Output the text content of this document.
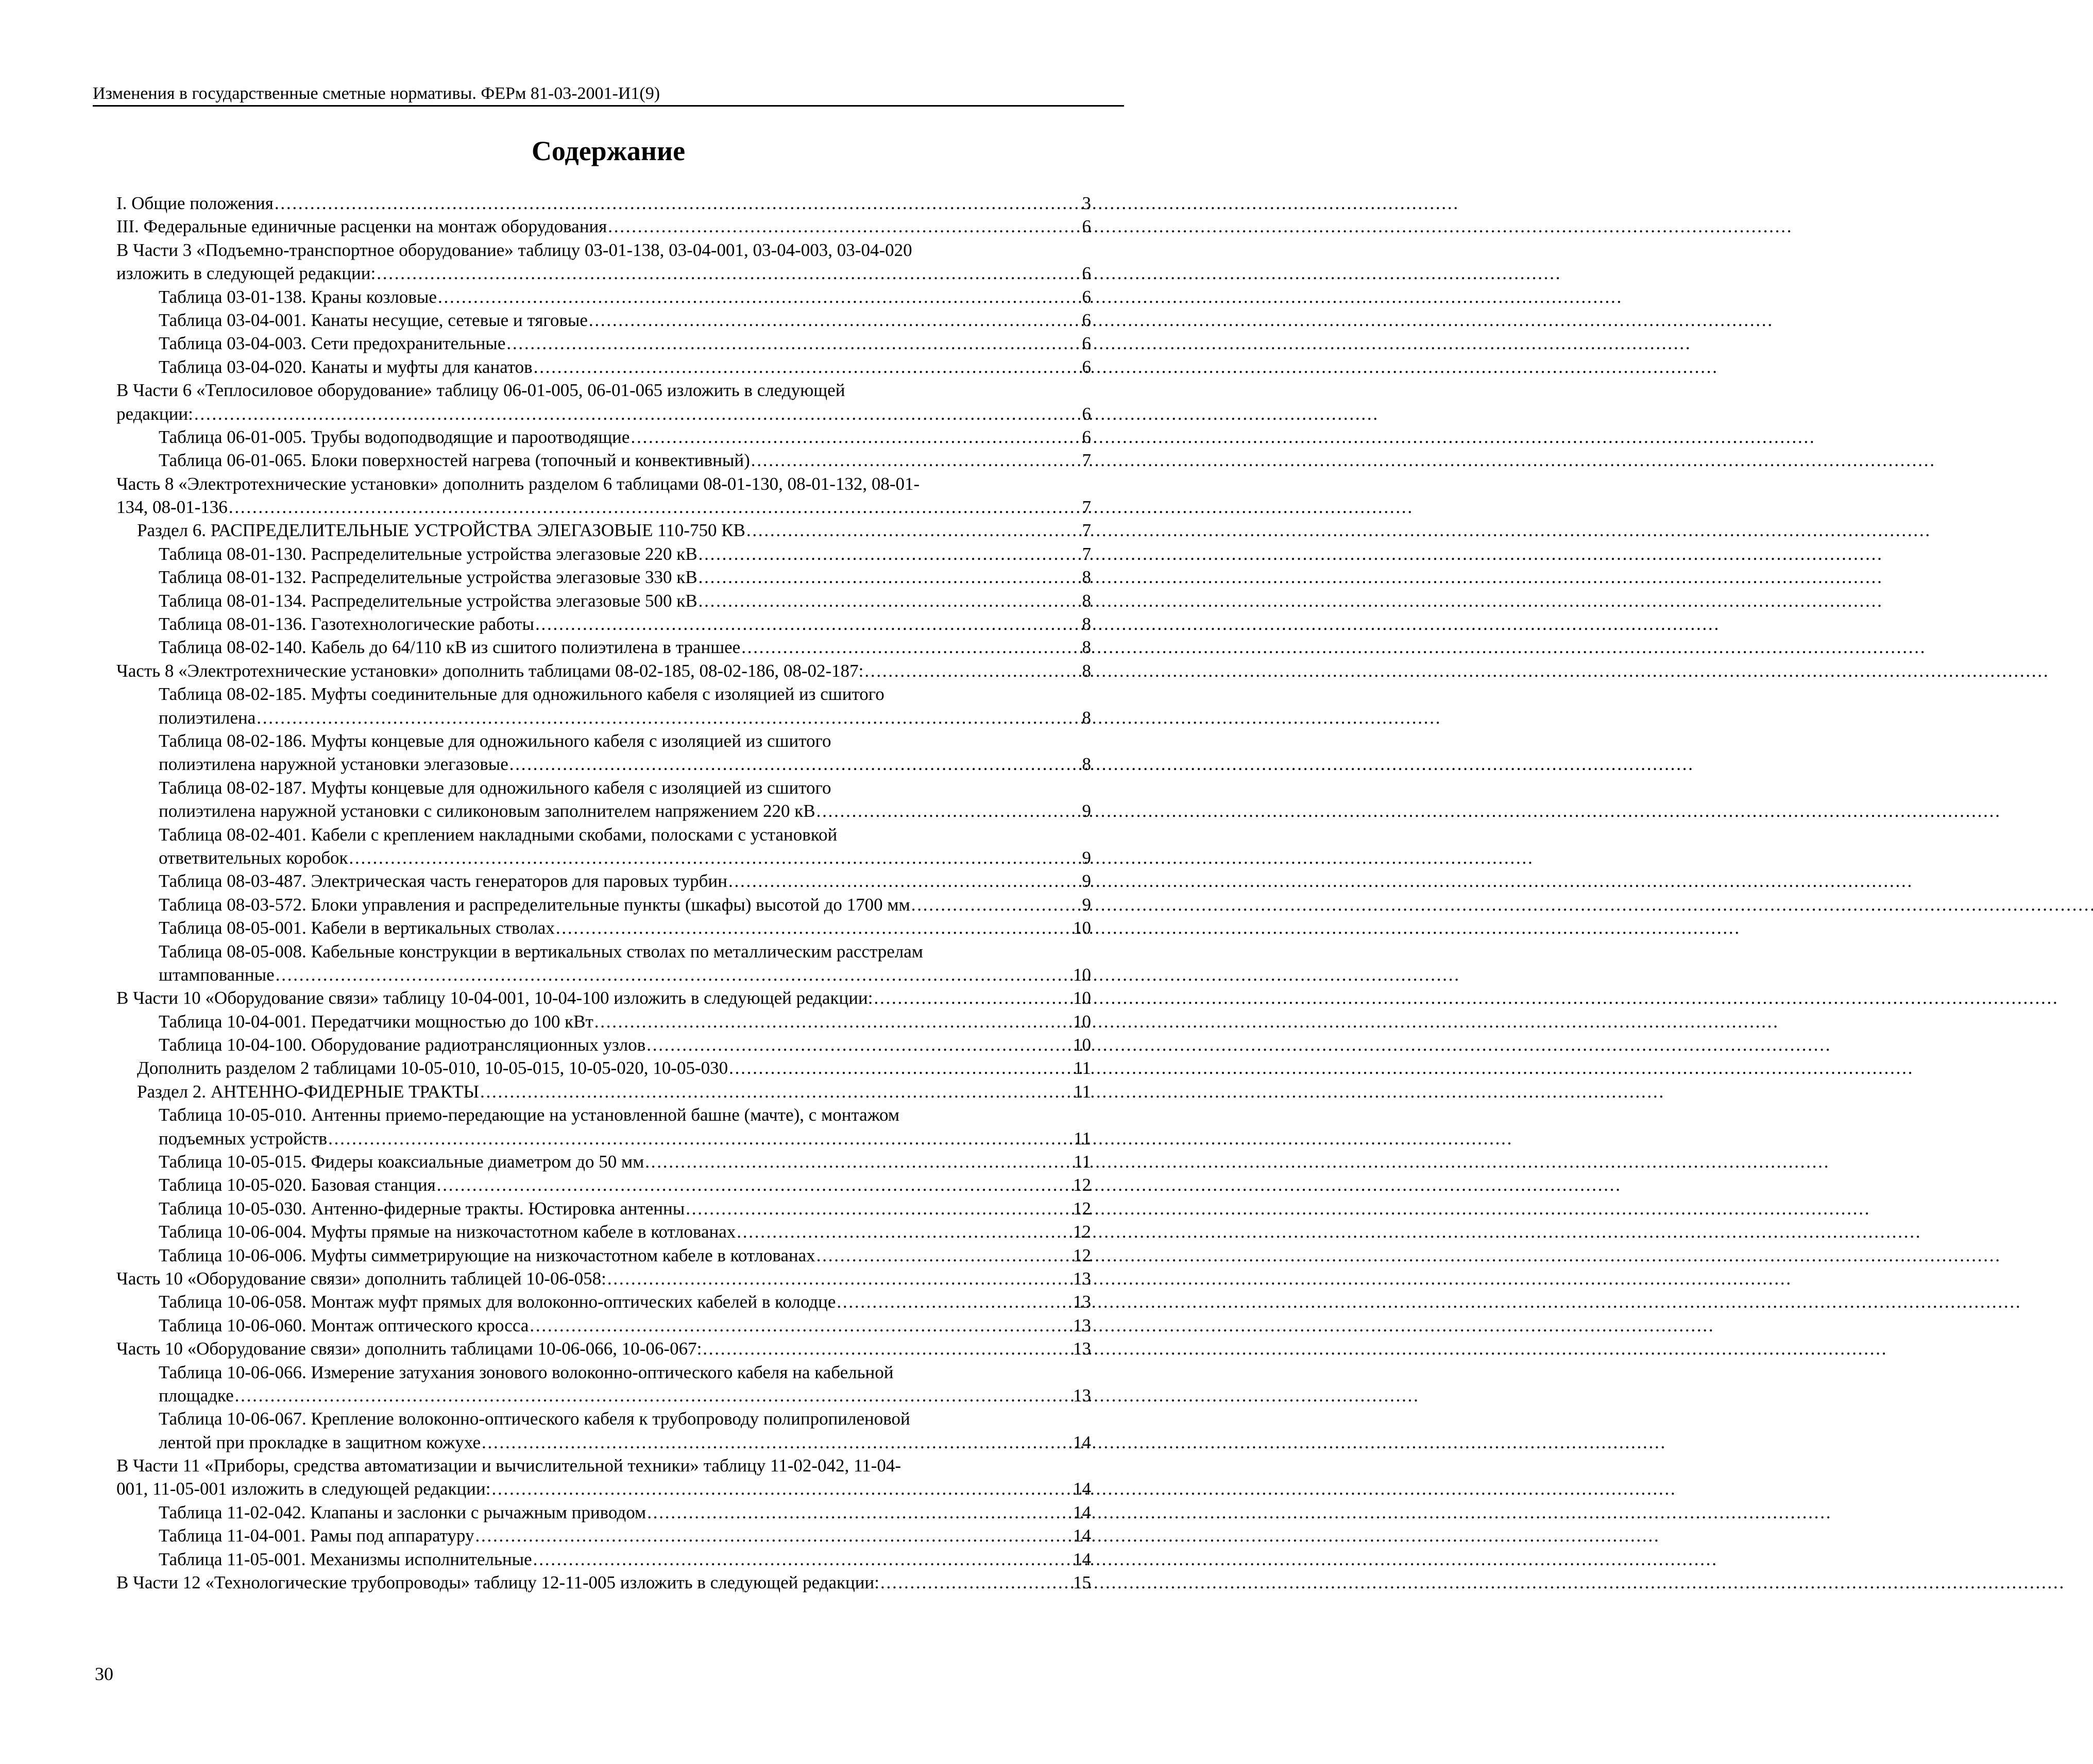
Изменения в государственные сметные нормативы. ФЕРм 81-03-2001-И1(9)
Содержание
I. Общие положения . . .	3
III. Федеральные единичные расценки на монтаж оборудования . . .	6
В Части 3 «Подъемно-транспортное оборудование» таблицу 03-01-138, 03-04-001, 03-04-003, 03-04-020
изложить в следующей редакции: . . .	6
Таблица 03-01-138. Краны козловые . . .	6
Таблица 03-04-001. Канаты несущие, сетевые и тяговые . . .	6
Таблица 03-04-003. Сети предохранительные . . .	6
Таблица 03-04-020. Канаты и муфты для канатов . . .	6
В Части 6 «Теплосиловое оборудование» таблицу 06-01-005, 06-01-065 изложить в следующей
редакции: . . .	6
Таблица 06-01-005. Трубы водоподводящие и пароотводящие . . .	6
Таблица 06-01-065. Блоки поверхностей нагрева (топочный и конвективный) . . .	7
Часть 8 «Электротехнические установки» дополнить разделом 6 таблицами 08-01-130, 08-01-132, 08-01-
134, 08-01-136 . . .	7
Раздел 6. РАСПРЕДЕЛИТЕЛЬНЫЕ УСТРОЙСТВА ЭЛЕГАЗОВЫЕ 110-750 КВ . . .	7
Таблица 08-01-130. Распределительные устройства элегазовые 220 кВ . . .	7
Таблица 08-01-132. Распределительные устройства элегазовые 330 кВ . . .	8
Таблица 08-01-134. Распределительные устройства элегазовые 500 кВ . . .	8
Таблица 08-01-136. Газотехнологические работы . . .	8
Таблица 08-02-140. Кабель до 64/110 кВ из сшитого полиэтилена в траншее . . .	8
Часть 8 «Электротехнические установки» дополнить таблицами 08-02-185, 08-02-186, 08-02-187: . . .	8
Таблица 08-02-185. Муфты соединительные для одножильного кабеля с изоляцией из сшитого
полиэтилена . . .	8
Таблица 08-02-186. Муфты концевые для одножильного кабеля с изоляцией из сшитого
полиэтилена наружной установки элегазовые . . .	8
Таблица 08-02-187. Муфты концевые для одножильного кабеля с изоляцией из сшитого
полиэтилена наружной установки с силиконовым заполнителем напряжением 220 кВ . . .	9
Таблица 08-02-401. Кабели с креплением накладными скобами, полосками с установкой
ответвительных коробок . . .	9
Таблица 08-03-487. Электрическая часть генераторов для паровых турбин . . .	9
Таблица 08-03-572. Блоки управления и распределительные пункты (шкафы) высотой до 1700 мм . . .	9
Таблица 08-05-001. Кабели в вертикальных стволах . . .	10
Таблица 08-05-008. Кабельные конструкции в вертикальных стволах по металлическим расстрелам
штампованные . . .	10
В Части 10 «Оборудование связи» таблицу 10-04-001, 10-04-100 изложить в следующей редакции: . . .	10
Таблица 10-04-001. Передатчики мощностью до 100 кВт . . .	10
Таблица 10-04-100. Оборудование радиотрансляционных узлов . . .	10
Дополнить разделом 2 таблицами 10-05-010, 10-05-015, 10-05-020, 10-05-030 . . .	11
Раздел 2. АНТЕННО-ФИДЕРНЫЕ ТРАКТЫ . . .	11
Таблица 10-05-010. Антенны приемо-передающие на установленной башне (мачте), с монтажом
подъемных устройств . . .	11
Таблица 10-05-015. Фидеры коаксиальные диаметром до 50 мм . . .	11
Таблица 10-05-020. Базовая станция . . .	12
Таблица 10-05-030. Антенно-фидерные тракты. Юстировка антенны . . .	12
Таблица 10-06-004. Муфты прямые на низкочастотном кабеле в котлованах . . .	12
Таблица 10-06-006. Муфты симметрирующие на низкочастотном кабеле в котлованах . . .	12
Часть 10 «Оборудование связи» дополнить таблицей 10-06-058: . . .	13
Таблица 10-06-058. Монтаж муфт прямых для волоконно-оптических кабелей в колодце . . .	13
Таблица 10-06-060. Монтаж оптического кросса . . .	13
Часть 10 «Оборудование связи» дополнить таблицами 10-06-066, 10-06-067: . . .	13
Таблица 10-06-066. Измерение затухания зонового волоконно-оптического кабеля на кабельной
площадке . . .	13
Таблица 10-06-067. Крепление волоконно-оптического кабеля к трубопроводу полипропиленовой
лентой при прокладке в защитном кожухе . . .	14
В Части 11 «Приборы, средства автоматизации и вычислительной техники» таблицу 11-02-042, 11-04-
001, 11-05-001 изложить в следующей редакции: . . .	14
Таблица 11-02-042. Клапаны и заслонки с рычажным приводом . . .	14
Таблица 11-04-001. Рамы под аппаратуру . . .	14
Таблица 11-05-001. Механизмы исполнительные . . .	14
В Части 12 «Технологические трубопроводы» таблицу 12-11-005 изложить в следующей редакции: . . .	15
30
